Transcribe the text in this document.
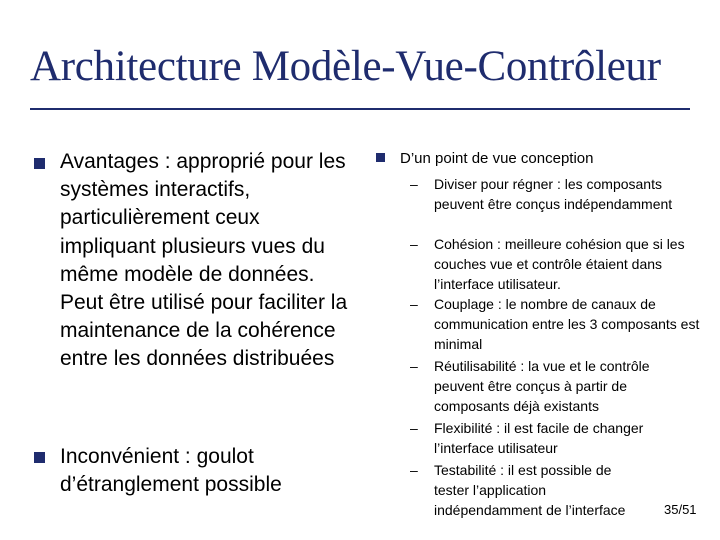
Architecture Modèle-Vue-Contrôleur
Avantages : approprié pour les systèmes interactifs, particulièrement ceux impliquant plusieurs vues du même modèle de données. Peut être utilisé pour faciliter la maintenance de la cohérence entre les données distribuées
Inconvénient : goulot d’étranglement possible
D’un point de vue conception
– Diviser pour régner : les composants peuvent être conçus indépendamment
– Cohésion : meilleure cohésion que si les couches vue et contrôle étaient dans l’interface utilisateur.
– Couplage : le nombre de canaux de communication entre les 3 composants est minimal
– Réutilisabilité : la vue et le contrôle peuvent être conçus à partir de composants déjà existants
– Flexibilité : il est facile de changer l’interface utilisateur
– Testabilité : il est possible de tester l’application indépendamment de l’interface	35/51
